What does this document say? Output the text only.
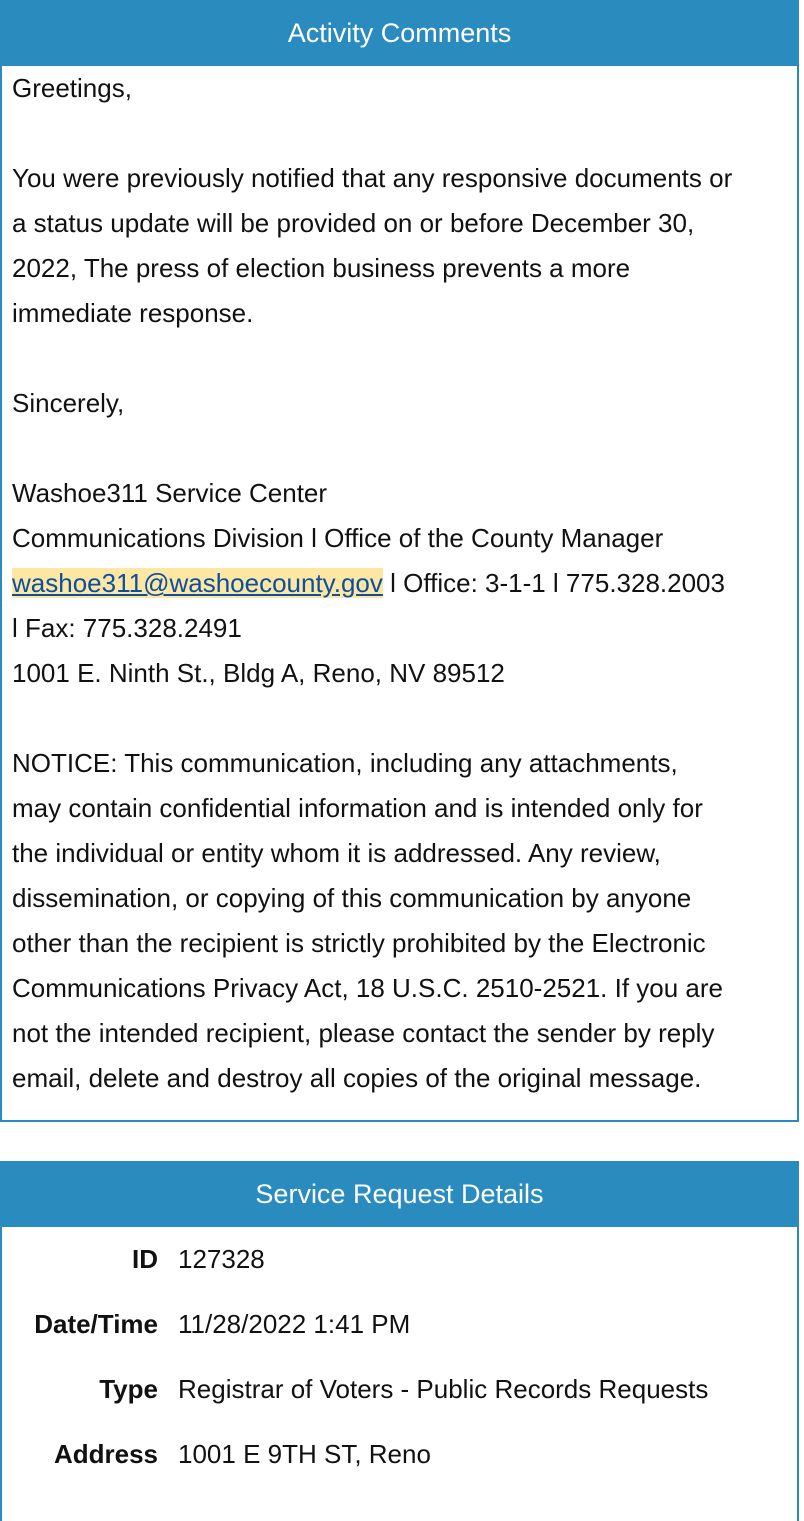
Activity Comments

Greetings,

You were previously notified that any responsive documents or

a status update will be provided on or before December 30,

2022, The press of election business prevents a more

immediate response.

Sincerely,

Washoe311 Service Center

Communications Division l Office of the County Manager

washoe311@washoecounty.gov l Office: 3-1-1 l 775.328.2003

l Fax: 775.328.2491

1001 E. Ninth St., Bldg A, Reno, NV 89512

NOTICE: This communication, including any attachments,

may contain confidential information and is intended only for

the individual or entity whom it is addressed. Any review,

dissemination, or copying of this communication by anyone

other than the recipient is strictly prohibited by the Electronic

Communications Privacy Act, 18 U.S.C. 2510-2521. If you are

not the intended recipient, please contact the sender by reply

email, delete and destroy all copies of the original message.

Service Request Details
ID 127328
Date/Time 11/28/2022 1:41 PM
Type Registrar of Voters - Public Records Requests
Address 1001 E 9TH ST, Reno
